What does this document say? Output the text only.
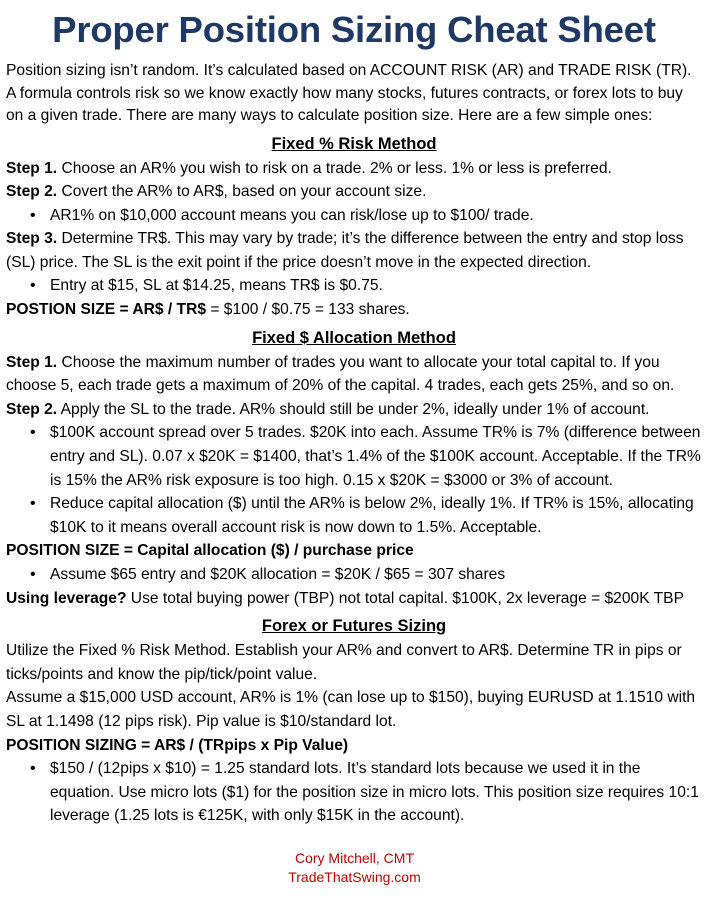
Proper Position Sizing Cheat Sheet

Position sizing isn’t random. It’s calculated based on ACCOUNT RISK (AR) and TRADE RISK (TR). A formula controls risk so we know exactly how many stocks, futures contracts, or forex lots to buy on a given trade. There are many ways to calculate position size. Here are a few simple ones:

Fixed % Risk Method

Step 1. Choose an AR% you wish to risk on a trade. 2% or less. 1% or less is preferred.

Step 2. Covert the AR% to AR$, based on your account size.

• AR1% on $10,000 account means you can risk/lose up to $100/ trade.

Step 3. Determine TR$. This may vary by trade; it’s the difference between the entry and stop loss (SL) price. The SL is the exit point if the price doesn’t move in the expected direction.

• Entry at $15, SL at $14.25, means TR$ is $0.75.

POSTION SIZE = AR$ / TR$ = $100 / $0.75 = 133 shares.

Fixed $ Allocation Method

Step 1. Choose the maximum number of trades you want to allocate your total capital to. If you choose 5, each trade gets a maximum of 20% of the capital. 4 trades, each gets 25%, and so on.

Step 2. Apply the SL to the trade. AR% should still be under 2%, ideally under 1% of account.

• $100K account spread over 5 trades. $20K into each. Assume TR% is 7% (difference between entry and SL). 0.07 x $20K = $1400, that’s 1.4% of the $100K account. Acceptable. If the TR% is 15% the AR% risk exposure is too high. 0.15 x $20K = $3000 or 3% of account.
• Reduce capital allocation ($) until the AR% is below 2%, ideally 1%. If TR% is 15%, allocating $10K to it means overall account risk is now down to 1.5%. Acceptable.

POSITION SIZE = Capital allocation ($) / purchase price

• Assume $65 entry and $20K allocation = $20K / $65 = 307 shares

Using leverage? Use total buying power (TBP) not total capital. $100K, 2x leverage = $200K TBP

Forex or Futures Sizing

Utilize the Fixed % Risk Method. Establish your AR% and convert to AR$. Determine TR in pips or ticks/points and know the pip/tick/point value.

Assume a $15,000 USD account, AR% is 1% (can lose up to $150), buying EURUSD at 1.1510 with SL at 1.1498 (12 pips risk). Pip value is $10/standard lot.

POSITION SIZING = AR$ / (TRpips x Pip Value)

• $150 / (12pips x $10) = 1.25 standard lots. It’s standard lots because we used it in the equation. Use micro lots ($1) for the position size in micro lots. This position size requires 10:1 leverage (1.25 lots is €125K, with only $15K in the account).
Cory Mitchell, CMT
TradeThatSwing.com
